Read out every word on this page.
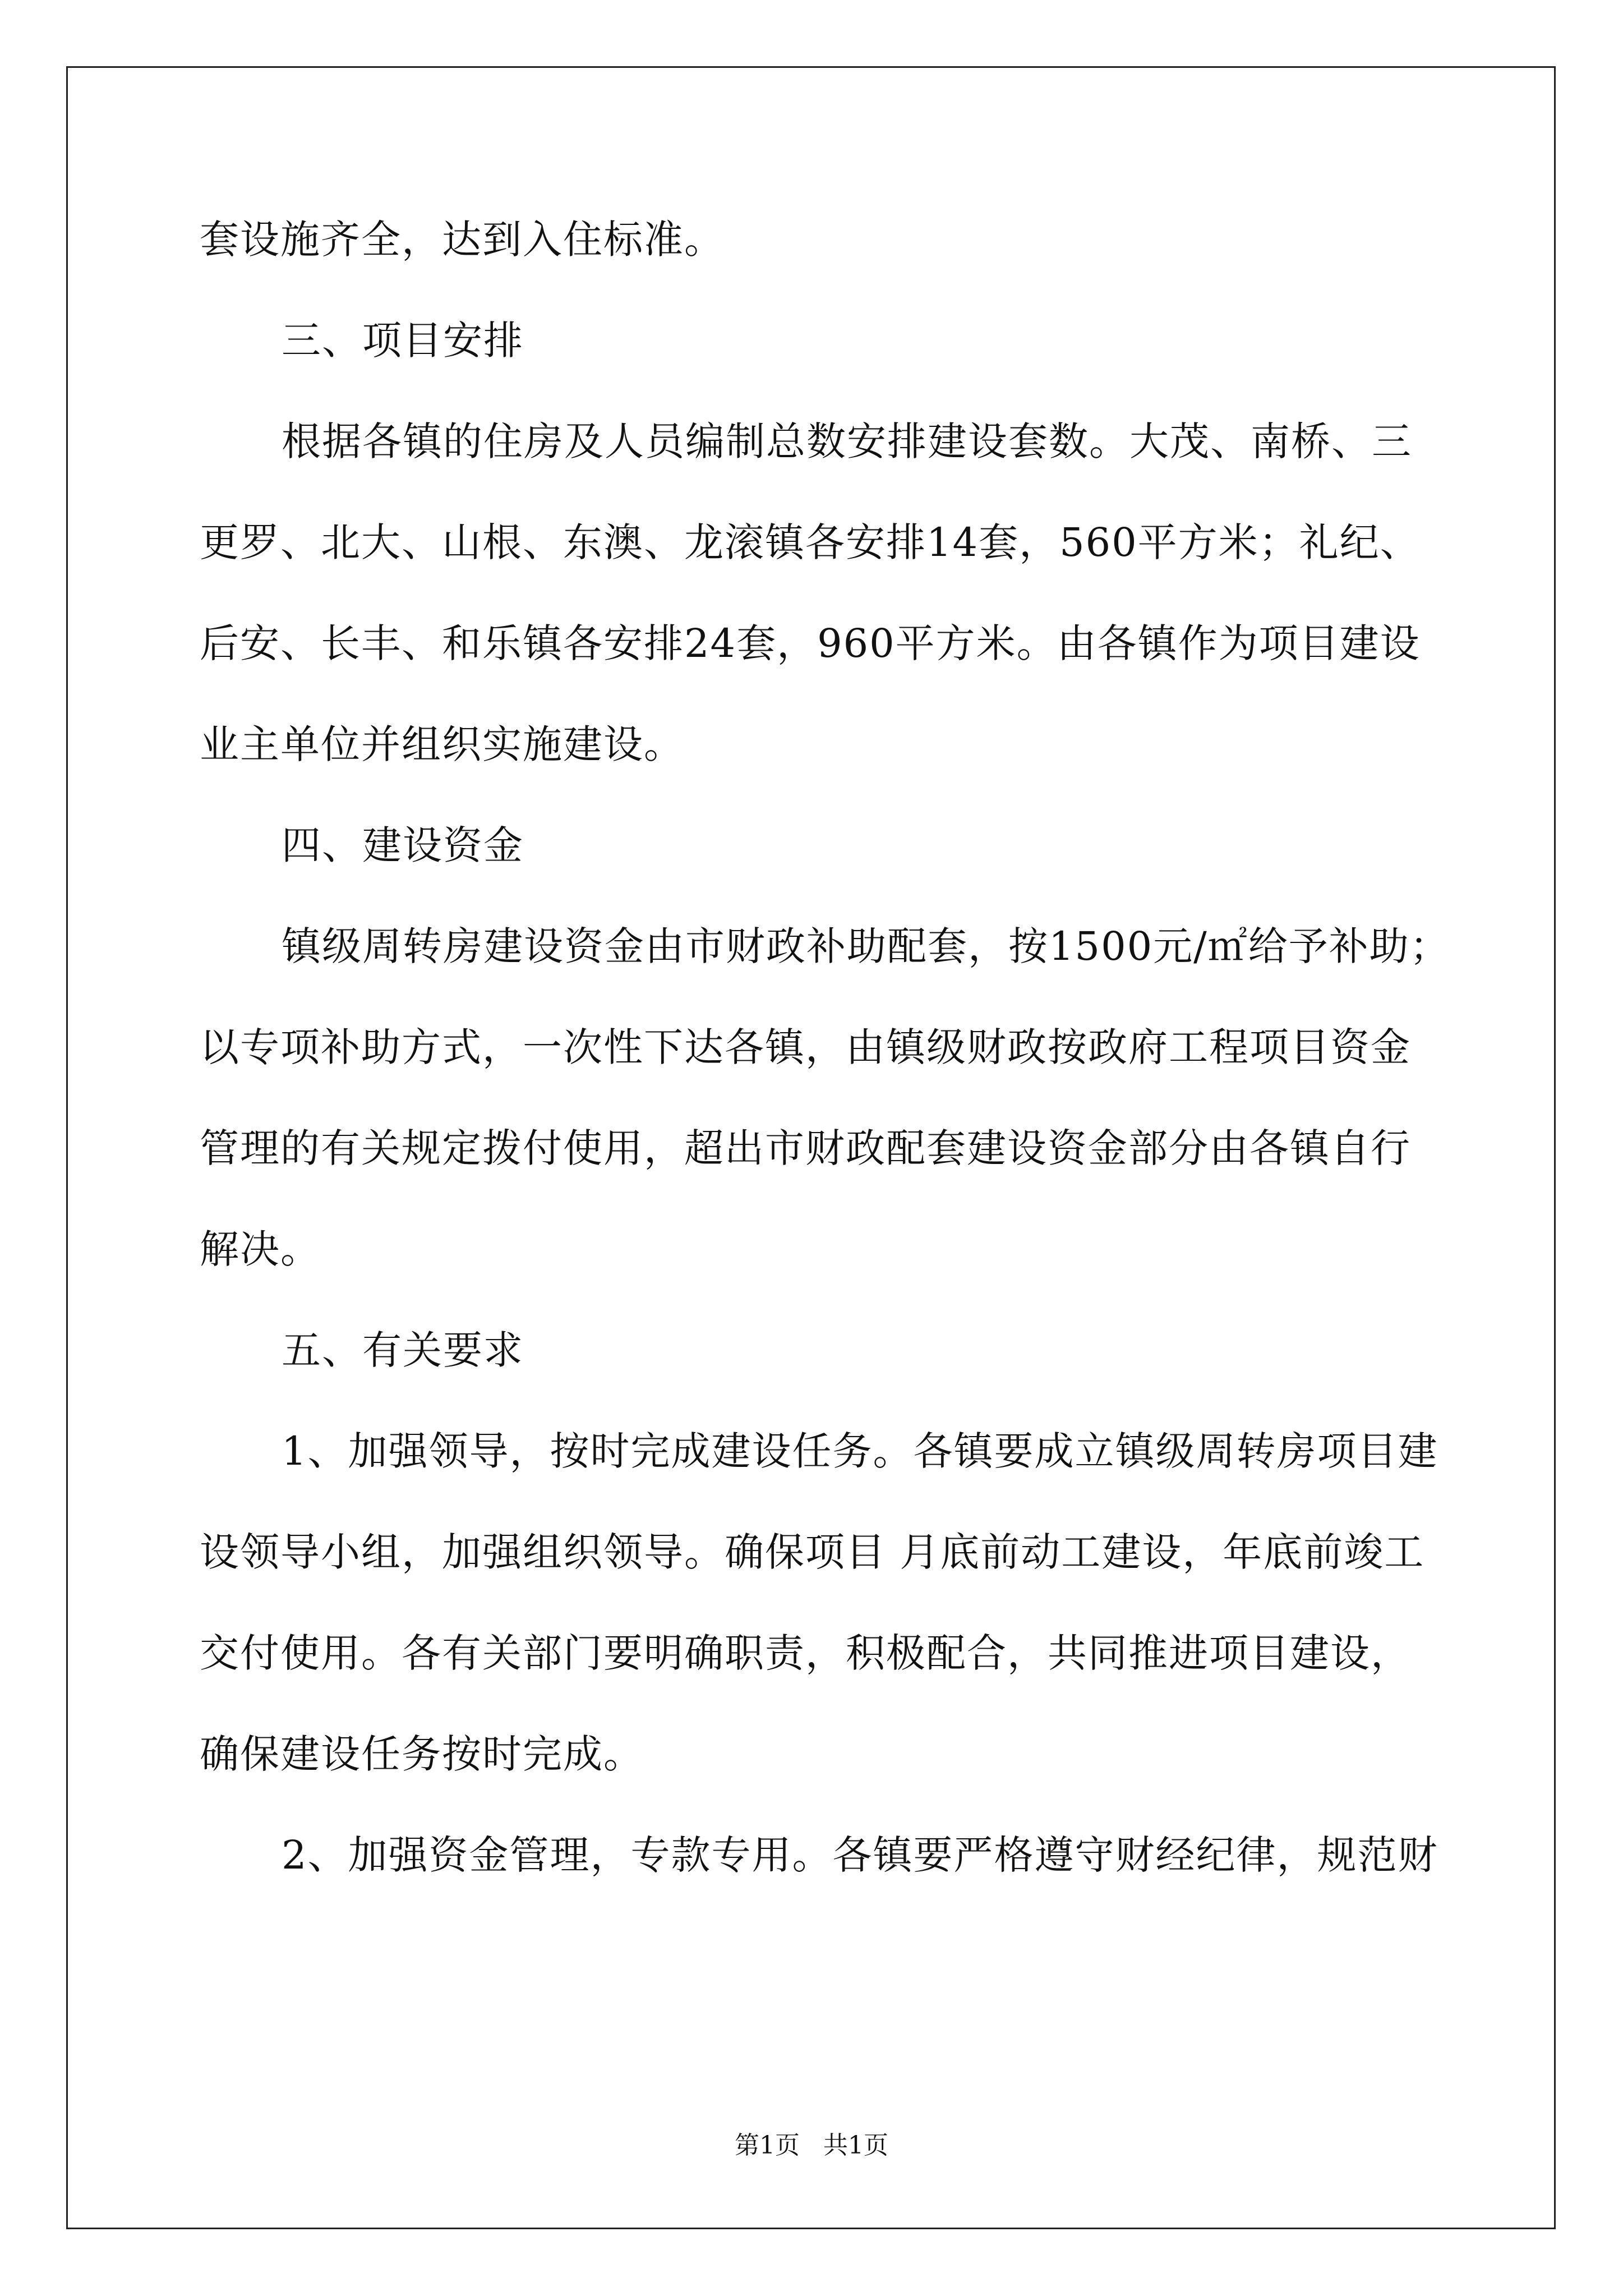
套设施齐全，达到入住标准。
三、项目安排
根据各镇的住房及人员编制总数安排建设套数。大茂、南桥、三
更罗、北大、山根、东澳、龙滚镇各安排14套，560平方米；礼纪、
后安、长丰、和乐镇各安排24套，960平方米。由各镇作为项目建设
业主单位并组织实施建设。
四、建设资金
镇级周转房建设资金由市财政补助配套，按1500元/㎡给予补助；
以专项补助方式，一次性下达各镇，由镇级财政按政府工程项目资金
管理的有关规定拨付使用，超出市财政配套建设资金部分由各镇自行
解决。
五、有关要求
1、加强领导，按时完成建设任务。各镇要成立镇级周转房项目建
设领导小组，加强组织领导。确保项目 月底前动工建设，年底前竣工
交付使用。各有关部门要明确职责，积极配合，共同推进项目建设，
确保建设任务按时完成。
2、加强资金管理，专款专用。各镇要严格遵守财经纪律，规范财
第1页   共1页
